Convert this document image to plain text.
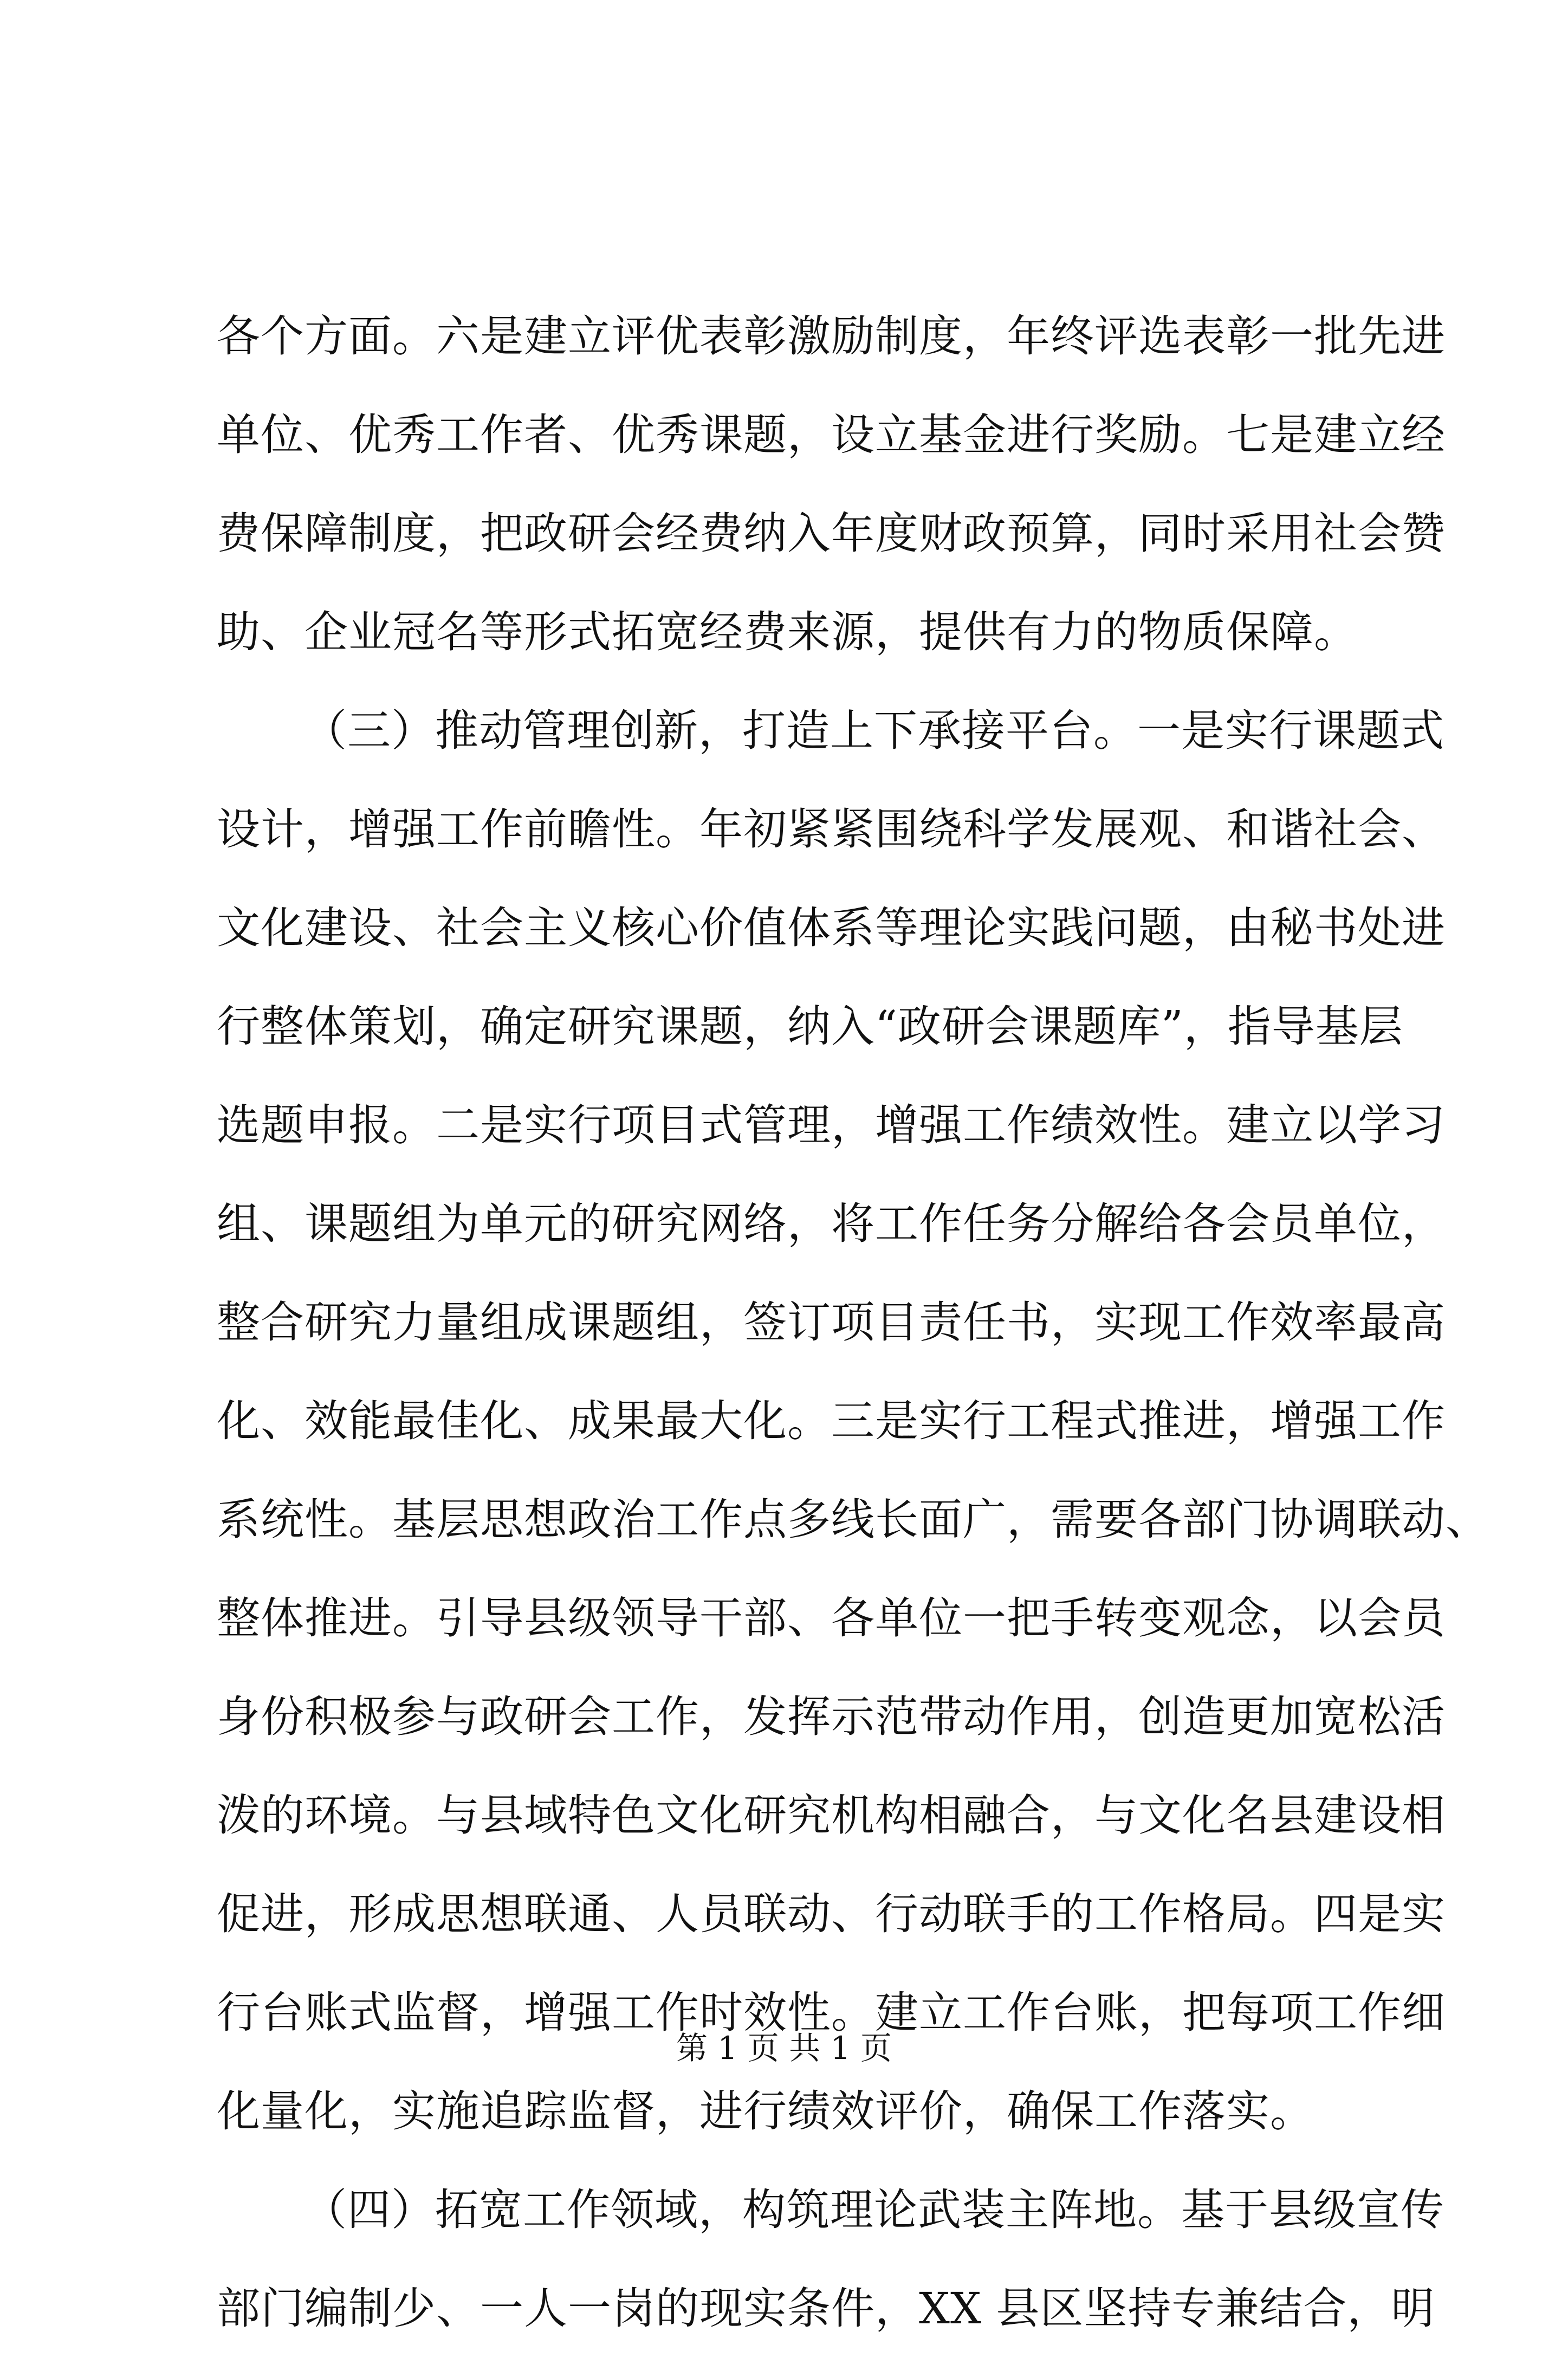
各个方面。六是建立评优表彰激励制度，年终评选表彰一批先进
单位、优秀工作者、优秀课题，设立基金进行奖励。七是建立经
费保障制度，把政研会经费纳入年度财政预算，同时采用社会赞
助、企业冠名等形式拓宽经费来源，提供有力的物质保障。
（三）推动管理创新，打造上下承接平台。一是实行课题式
设计，增强工作前瞻性。年初紧紧围绕科学发展观、和谐社会、
文化建设、社会主义核心价值体系等理论实践问题，由秘书处进
行整体策划，确定研究课题，纳入“政研会课题库”，指导基层
选题申报。二是实行项目式管理，增强工作绩效性。建立以学习
组、课题组为单元的研究网络，将工作任务分解给各会员单位，
整合研究力量组成课题组，签订项目责任书，实现工作效率最高
化、效能最佳化、成果最大化。三是实行工程式推进，增强工作
系统性。基层思想政治工作点多线长面广，需要各部门协调联动、
整体推进。引导县级领导干部、各单位一把手转变观念，以会员
身份积极参与政研会工作，发挥示范带动作用，创造更加宽松活
泼的环境。与县域特色文化研究机构相融合，与文化名县建设相
促进，形成思想联通、人员联动、行动联手的工作格局。四是实
行台账式监督，增强工作时效性。建立工作台账，把每项工作细
化量化，实施追踪监督，进行绩效评价，确保工作落实。
（四）拓宽工作领域，构筑理论武装主阵地。基于县级宣传
部门编制少、一人一岗的现实条件，XX 县区坚持专兼结合，明
第 1 页 共 1 页
